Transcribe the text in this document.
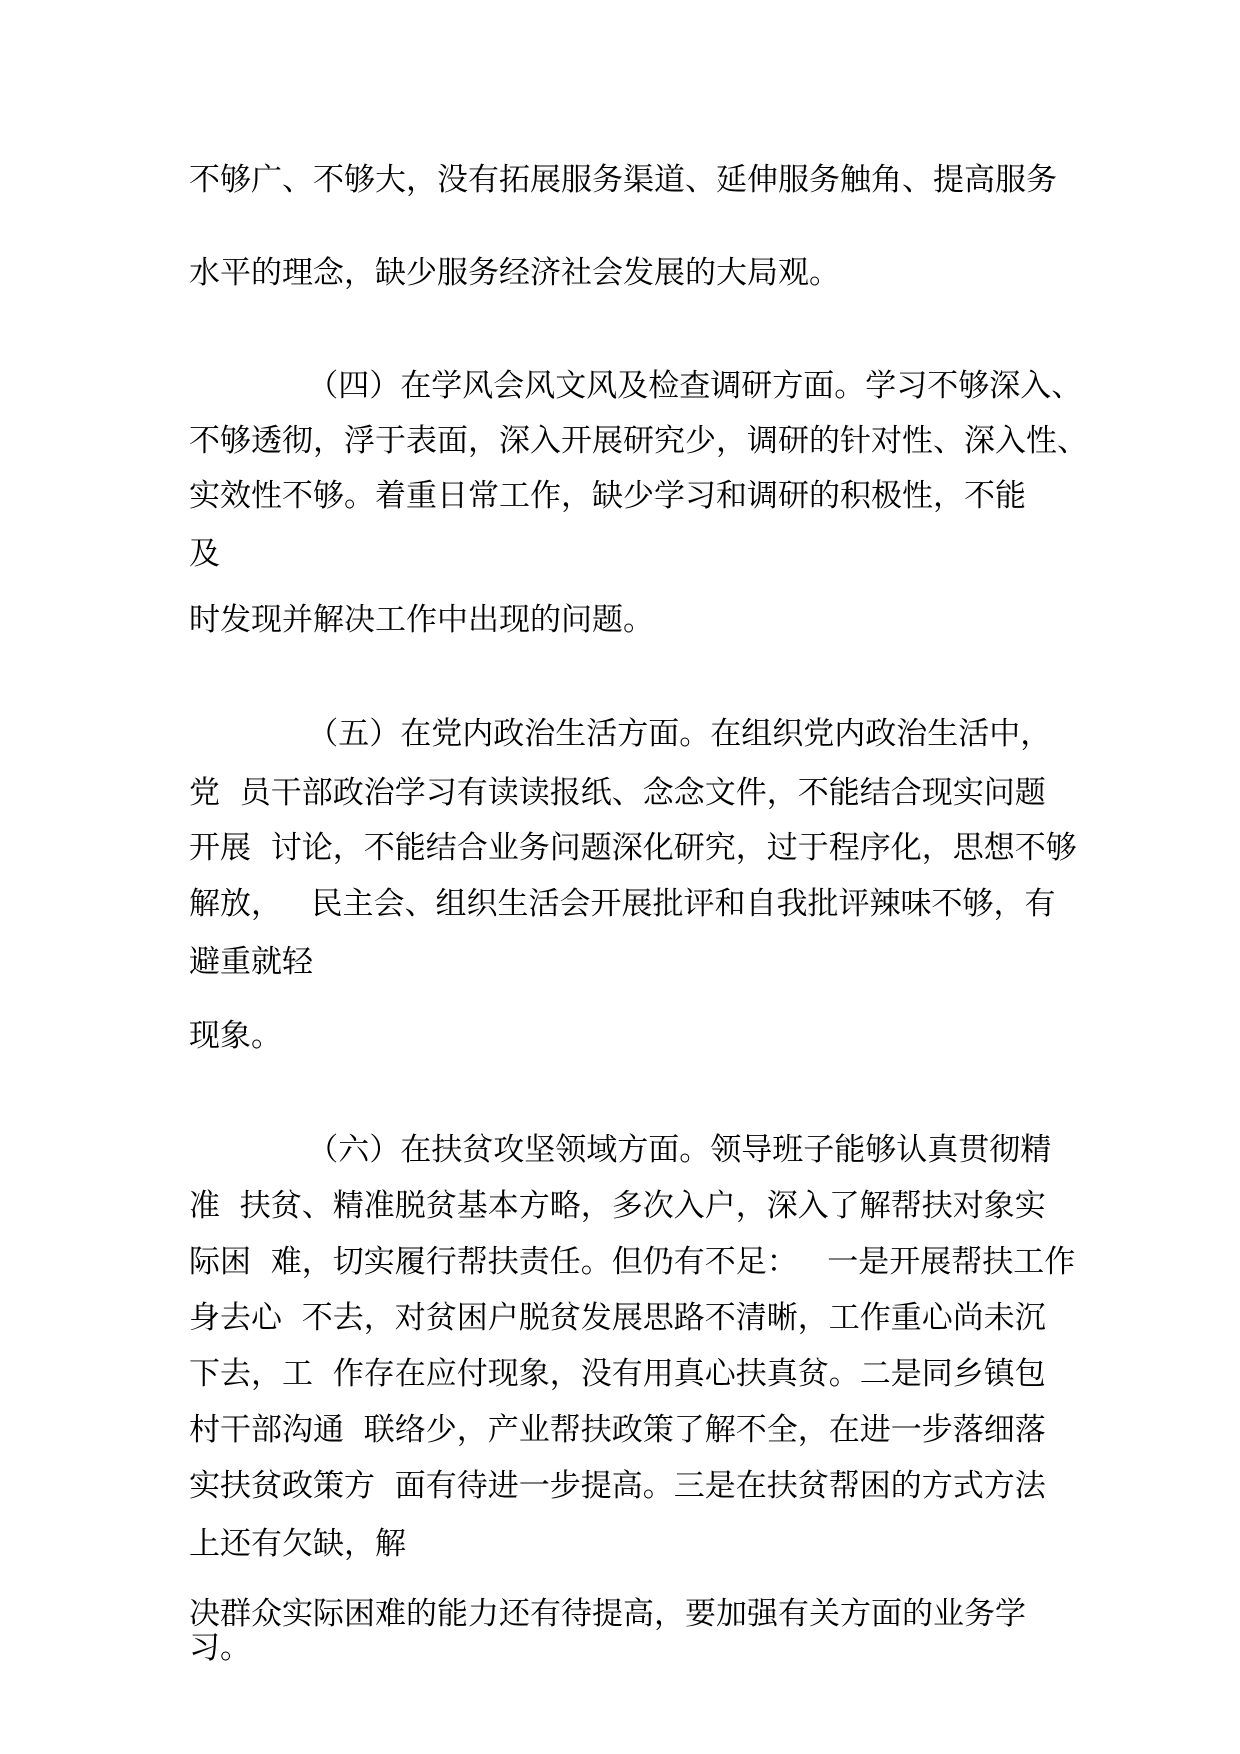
不够广、不够大，没有拓展服务渠道、延伸服务触角、提高服务

水平的理念，缺少服务经济社会发展的大局观。

（四）在学风会风文风及检查调研方面。学习不够深入、

不够透彻，浮于表面，深入开展研究少，调研的针对性、深入性、

实效性不够。着重日常工作，缺少学习和调研的积极性，不能

及

时发现并解决工作中出现的问题。

（五）在党内政治生活方面。在组织党内政治生活中，

党  员干部政治学习有读读报纸、念念文件，不能结合现实问题

开展  讨论，不能结合业务问题深化研究，过于程序化，思想不够

解放，   民主会、组织生活会开展批评和自我批评辣味不够，有

避重就轻

现象。

（六）在扶贫攻坚领域方面。领导班子能够认真贯彻精

准  扶贫、精准脱贫基本方略，多次入户，深入了解帮扶对象实

际困  难，切实履行帮扶责任。但仍有不足：   一是开展帮扶工作

身去心  不去，对贫困户脱贫发展思路不清晰，工作重心尚未沉

下去，工  作存在应付现象，没有用真心扶真贫。二是同乡镇包

村干部沟通  联络少，产业帮扶政策了解不全，在进一步落细落

实扶贫政策方  面有待进一步提高。三是在扶贫帮困的方式方法

上还有欠缺，解

决群众实际困难的能力还有待提高，要加强有关方面的业务学

习。
